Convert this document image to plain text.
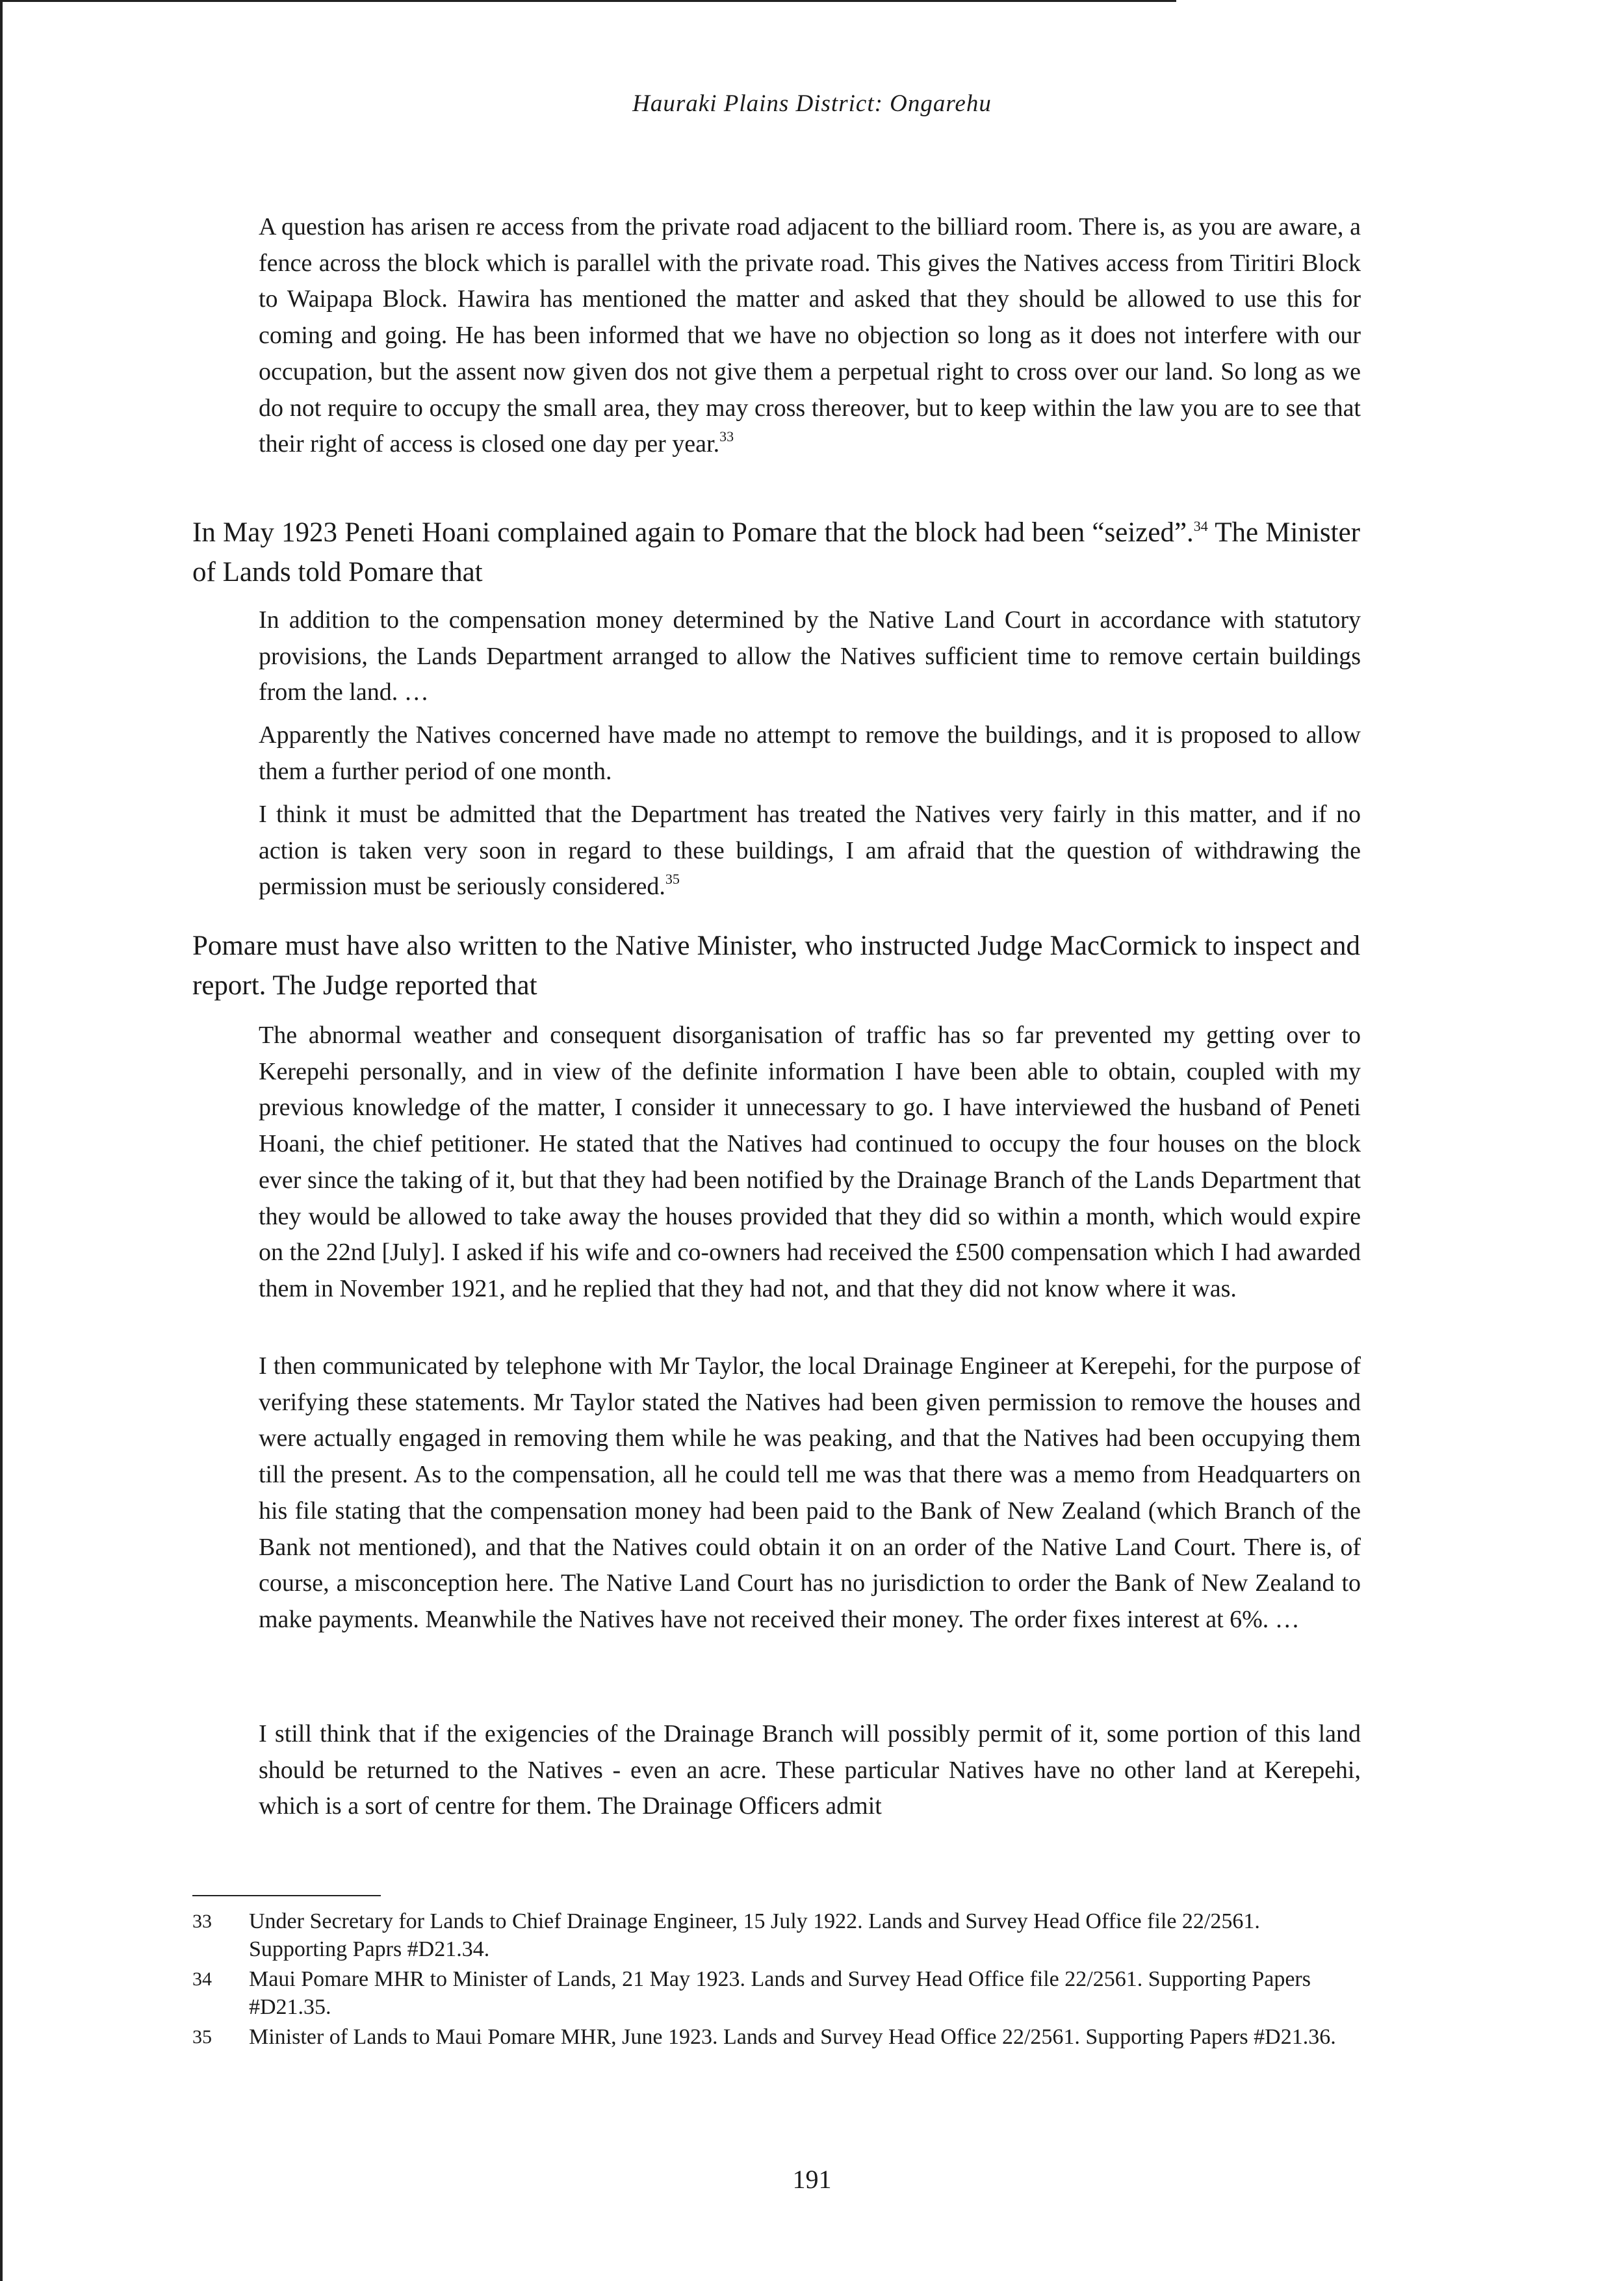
Hauraki Plains District: Ongarehu

A question has arisen re access from the private road adjacent to the billiard room. There is, as you are aware, a fence across the block which is parallel with the private road. This gives the Natives access from Tiritiri Block to Waipapa Block. Hawira has mentioned the matter and asked that they should be allowed to use this for coming and going. He has been informed that we have no objection so long as it does not interfere with our occupation, but the assent now given dos not give them a perpetual right to cross over our land. So long as we do not require to occupy the small area, they may cross thereover, but to keep within the law you are to see that their right of access is closed one day per year.$^{33}$

In May 1923 Peneti Hoani complained again to Pomare that the block had been “seized”.$^{34}$ The Minister of Lands told Pomare that

In addition to the compensation money determined by the Native Land Court in accordance with statutory provisions, the Lands Department arranged to allow the Natives sufficient time to remove certain buildings from the land. …

Apparently the Natives concerned have made no attempt to remove the buildings, and it is proposed to allow them a further period of one month.

I think it must be admitted that the Department has treated the Natives very fairly in this matter, and if no action is taken very soon in regard to these buildings, I am afraid that the question of withdrawing the permission must be seriously considered.$^{35}$

Pomare must have also written to the Native Minister, who instructed Judge MacCormick to inspect and report. The Judge reported that

The abnormal weather and consequent disorganisation of traffic has so far prevented my getting over to Kerepehi personally, and in view of the definite information I have been able to obtain, coupled with my previous knowledge of the matter, I consider it unnecessary to go. I have interviewed the husband of Peneti Hoani, the chief petitioner. He stated that the Natives had continued to occupy the four houses on the block ever since the taking of it, but that they had been notified by the Drainage Branch of the Lands Department that they would be allowed to take away the houses provided that they did so within a month, which would expire on the 22nd [July]. I asked if his wife and co-owners had received the £500 compensation which I had awarded them in November 1921, and he replied that they had not, and that they did not know where it was.

I then communicated by telephone with Mr Taylor, the local Drainage Engineer at Kerepehi, for the purpose of verifying these statements. Mr Taylor stated the Natives had been given permission to remove the houses and were actually engaged in removing them while he was peaking, and that the Natives had been occupying them till the present. As to the compensation, all he could tell me was that there was a memo from Headquarters on his file stating that the compensation money had been paid to the Bank of New Zealand (which Branch of the Bank not mentioned), and that the Natives could obtain it on an order of the Native Land Court. There is, of course, a misconception here. The Native Land Court has no jurisdiction to order the Bank of New Zealand to make payments. Meanwhile the Natives have not received their money. The order fixes interest at 6%. …

I still think that if the exigencies of the Drainage Branch will possibly permit of it, some portion of this land should be returned to the Natives - even an acre. These particular Natives have no other land at Kerepehi, which is a sort of centre for them. The Drainage Officers admit

33	Under Secretary for Lands to Chief Drainage Engineer, 15 July 1922. Lands and Survey Head Office file 22/2561. Supporting Paprs #D21.34.
34	Maui Pomare MHR to Minister of Lands, 21 May 1923. Lands and Survey Head Office file 22/2561. Supporting Papers #D21.35.
35	Minister of Lands to Maui Pomare MHR, June 1923. Lands and Survey Head Office 22/2561. Supporting Papers #D21.36.
191
